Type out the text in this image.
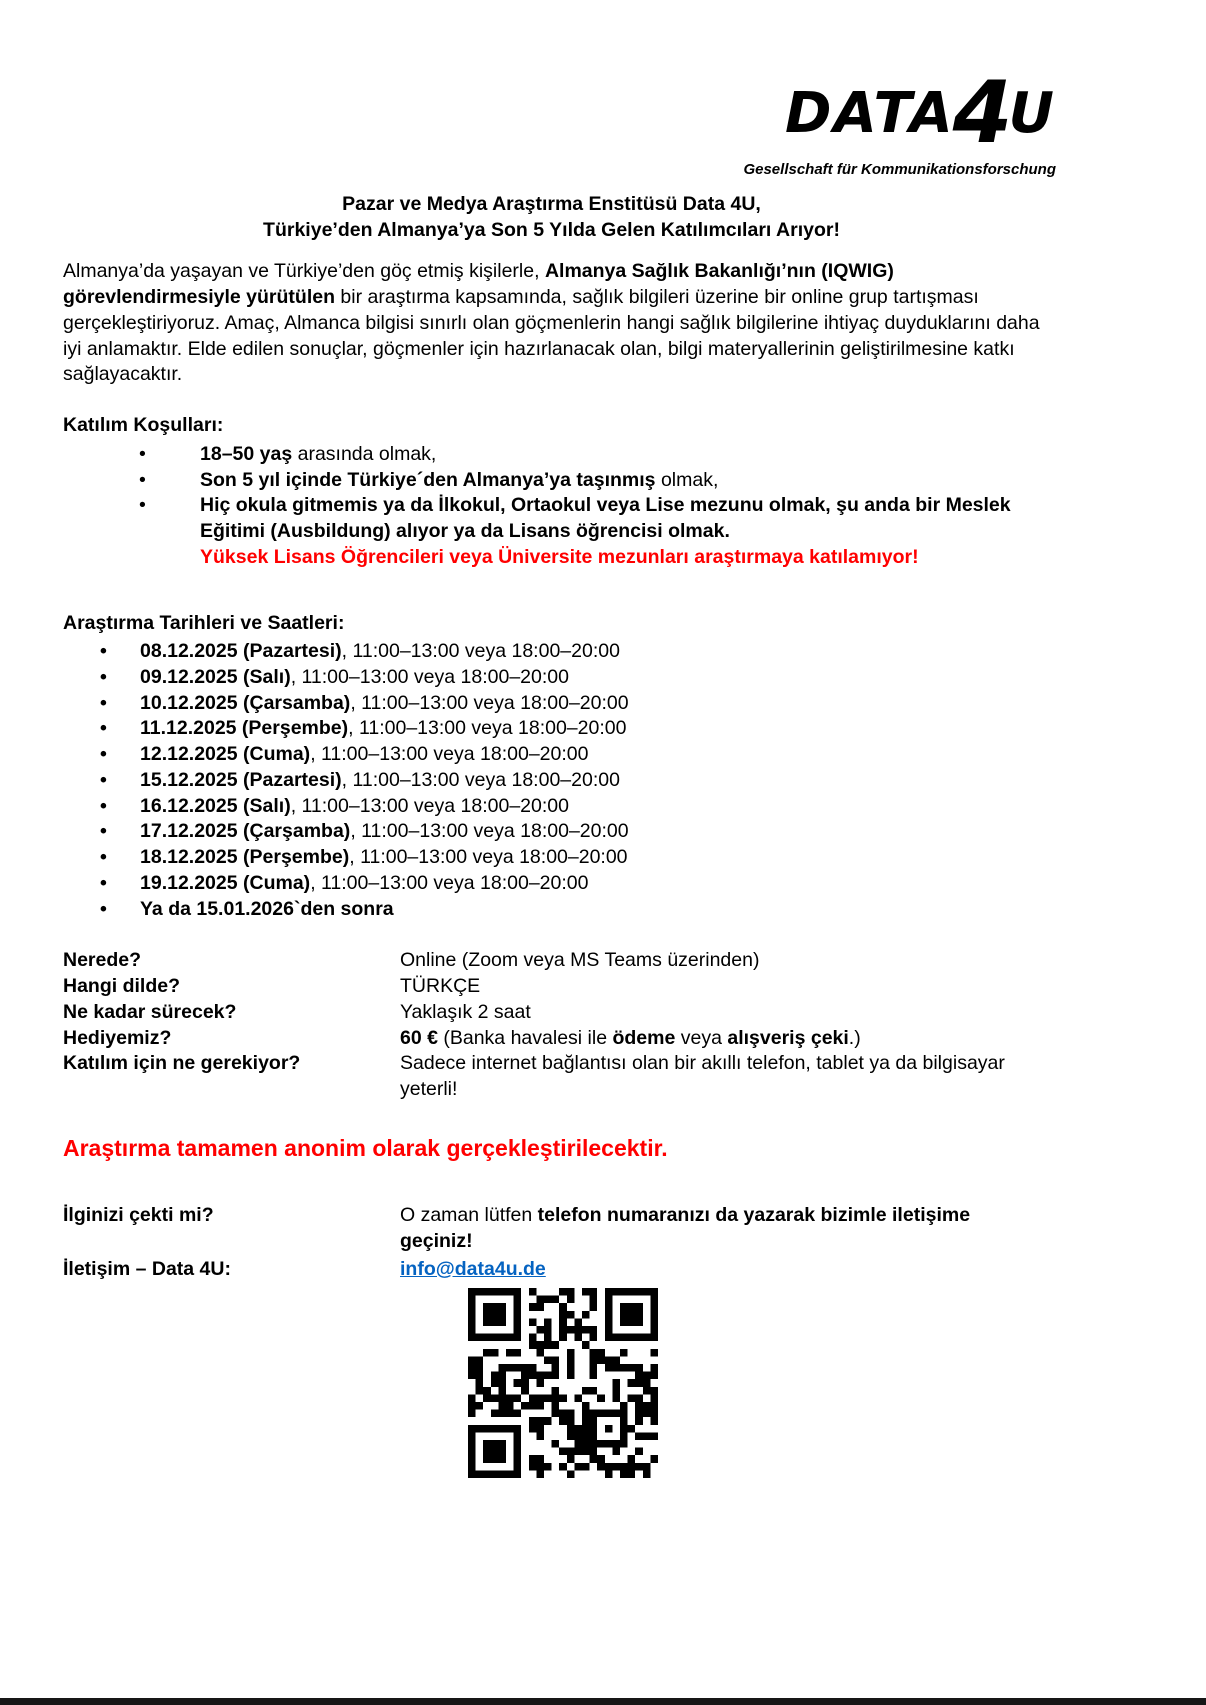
DATA4U
Gesellschaft für Kommunikationsforschung
Pazar ve Medya Araştırma Enstitüsü Data 4U,
Türkiye’den Almanya’ya Son 5 Yılda Gelen Katılımcıları Arıyor!

Almanya’da yaşayan ve Türkiye’den göç etmiş kişilerle, Almanya Sağlık Bakanlığı’nın (IQWIG) görevlendirmesiyle yürütülen bir araştırma kapsamında, sağlık bilgileri üzerine bir online grup tartışması gerçekleştiriyoruz. Amaç, Almanca bilgisi sınırlı olan göçmenlerin hangi sağlık bilgilerine ihtiyaç duyduklarını daha iyi anlamaktır. Elde edilen sonuçlar, göçmenler için hazırlanacak olan, bilgi materyallerinin geliştirilmesine katkı sağlayacaktır.

Katılım Koşulları:
• 18–50 yaş arasında olmak,
• Son 5 yıl içinde Türkiye´den Almanya’ya taşınmış olmak,
• Hiç okula gitmemis ya da İlkokul, Ortaokul veya Lise mezunu olmak, şu anda bir Meslek Eğitimi (Ausbildung) alıyor ya da Lisans öğrencisi olmak.
Yüksek Lisans Öğrencileri veya Üniversite mezunları araştırmaya katılamıyor!
Araştırma Tarihleri ve Saatleri:
• 08.12.2025 (Pazartesi), 11:00–13:00 veya 18:00–20:00
• 09.12.2025 (Salı), 11:00–13:00 veya 18:00–20:00
• 10.12.2025 (Çarsamba), 11:00–13:00 veya 18:00–20:00
• 11.12.2025 (Perşembe), 11:00–13:00 veya 18:00–20:00
• 12.12.2025 (Cuma), 11:00–13:00 veya 18:00–20:00
• 15.12.2025 (Pazartesi), 11:00–13:00 veya 18:00–20:00
• 16.12.2025 (Salı), 11:00–13:00 veya 18:00–20:00
• 17.12.2025 (Çarşamba), 11:00–13:00 veya 18:00–20:00
• 18.12.2025 (Perşembe), 11:00–13:00 veya 18:00–20:00
• 19.12.2025 (Cuma), 11:00–13:00 veya 18:00–20:00
• Ya da 15.01.2026`den sonra
Nerede?	Online (Zoom veya MS Teams üzerinden)
Hangi dilde?	TÜRKÇE
Ne kadar sürecek?	Yaklaşık 2 saat
Hediyemiz?	60 € (Banka havalesi ile ödeme veya alışveriş çeki.)
Katılım için ne gerekiyor?	Sadece internet bağlantısı olan bir akıllı telefon, tablet ya da bilgisayar yeterli!
Araştırma tamamen anonim olarak gerçekleştirilecektir.
İlginizi çekti mi?	O zaman lütfen telefon numaranızı da yazarak bizimle iletişime geçiniz!
İletişim – Data 4U:	info@data4u.de
